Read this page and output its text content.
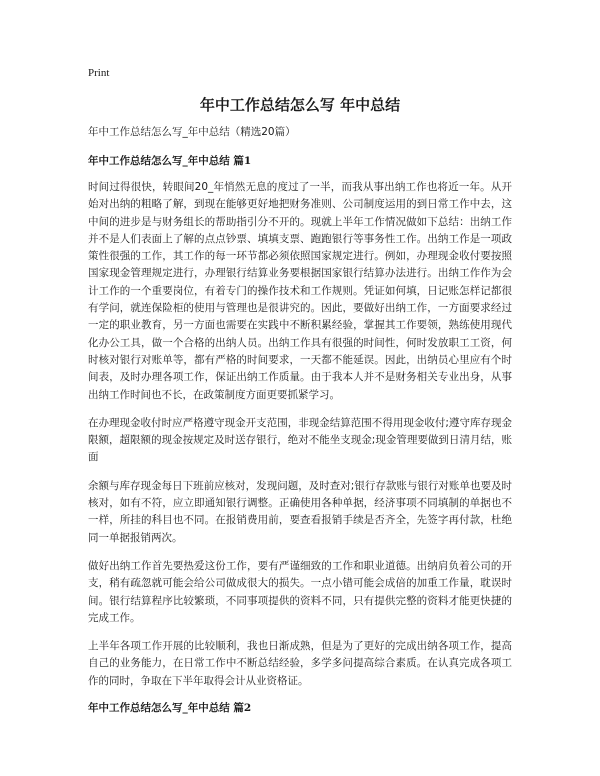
Print
年中工作总结怎么写 年中总结
年中工作总结怎么写_年中总结（精选20篇）
年中工作总结怎么写_年中总结 篇1

时间过得很快，转眼间20_年悄然无息的度过了一半，而我从事出纳工作也将近一年。从开始对出纳的粗略了解，到现在能够更好地把财务准则、公司制度运用的到日常工作中去，这中间的进步是与财务组长的帮助指引分不开的。现就上半年工作情况做如下总结：出纳工作并不是人们表面上了解的点点钞票、填填支票、跑跑银行等事务性工作。出纳工作是一项政策性很强的工作，其工作的每一环节都必须依照国家规定进行。例如，办理现金收付要按照国家现金管理规定进行，办理银行结算业务要根据国家银行结算办法进行。出纳工作作为会计工作的一个重要岗位，有着专门的操作技术和工作规则。凭证如何填，日记账怎样记都很有学问，就连保险柜的使用与管理也是很讲究的。因此，要做好出纳工作，一方面要求经过一定的职业教育，另一方面也需要在实践中不断积累经验，掌握其工作要领，熟练使用现代化办公工具，做一个合格的出纳人员。出纳工作具有很强的时间性，何时发放职工工资，何时核对银行对账单等，都有严格的时间要求，一天都不能延误。因此，出纳员心里应有个时间表，及时办理各项工作，保证出纳工作质量。由于我本人并不是财务相关专业出身，从事出纳工作时间也不长，在政策制度方面更要抓紧学习。

在办理现金收付时应严格遵守现金开支范围，非现金结算范围不得用现金收付;遵守库存现金限额，超限额的现金按规定及时送存银行，绝对不能坐支现金;现金管理要做到日清月结，账面

余额与库存现金每日下班前应核对，发现问题，及时查对;银行存款账与银行对账单也要及时核对，如有不符，应立即通知银行调整。正确使用各种单据，经济事项不同填制的单据也不一样，所挂的科目也不同。在报销费用前，要查看报销手续是否齐全，先签字再付款，杜绝同一单据报销两次。

做好出纳工作首先要热爱这份工作，要有严谨细致的工作和职业道德。出纳肩负着公司的开支，稍有疏忽就可能会给公司做成很大的损失。一点小错可能会成倍的加重工作量，耽误时间。银行结算程序比较繁琐，不同事项提供的资料不同，只有提供完整的资料才能更快捷的完成工作。

上半年各项工作开展的比较顺利，我也日渐成熟，但是为了更好的完成出纳各项工作，提高自己的业务能力，在日常工作中不断总结经验，多学多问提高综合素质。在认真完成各项工作的同时，争取在下半年取得会计从业资格证。

年中工作总结怎么写_年中总结 篇2
